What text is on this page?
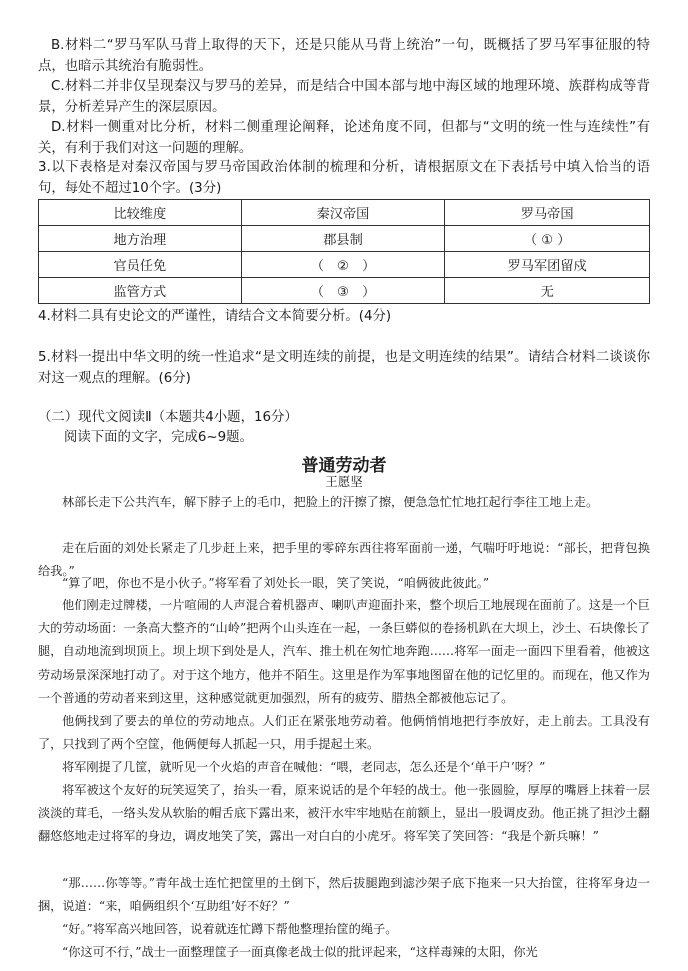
B.材料二“罗马军队马背上取得的天下，还是只能从马背上统治”一句，既概括了罗马军事征服的特点，也暗示其统治有脆弱性。

C.材料二并非仅呈现秦汉与罗马的差异，而是结合中国本部与地中海区域的地理环境、族群构成等背景，分析差异产生的深层原因。

D.材料一侧重对比分析，材料二侧重理论阐释，论述角度不同，但都与“文明的统一性与连续性”有关，有利于我们对这一问题的理解。

3.以下表格是对秦汉帝国与罗马帝国政治体制的梳理和分析，请根据原文在下表括号中填入恰当的语句，每处不超过10个字。(3分)

比较维度	秦汉帝国	罗马帝国
地方治理	郡县制	（ ① ）
官员任免	（　②　）	罗马军团留戍
监管方式	（　③　）	无

4.材料二具有史论文的严谨性，请结合文本简要分析。(4分)

5.材料一提出中华文明的统一性追求“是文明连续的前提，也是文明连续的结果”。请结合材料二谈谈你对这一观点的理解。(6分)

（二）现代文阅读Ⅱ（本题共4小题，16分）

阅读下面的文字，完成6~9题。

普通劳动者
王愿坚

林部长走下公共汽车，解下脖子上的毛巾，把脸上的汗擦了擦，便急急忙忙地扛起行李往工地上走。

走在后面的刘处长紧走了几步赶上来，把手里的零碎东西往将军面前一递，气喘吁吁地说：“部长，把背包换给我。”

“算了吧，你也不是小伙子。”将军看了刘处长一眼，笑了笑说，“咱俩彼此彼此。”

他们刚走过牌楼，一片喧闹的人声混合着机器声、喇叭声迎面扑来，整个坝后工地展现在面前了。这是一个巨大的劳动场面：一条高大整齐的“山岭”把两个山头连在一起，一条巨蟒似的卷扬机趴在大坝上，沙土、石块像长了腿，自动地流到坝顶上。坝上坝下到处是人，汽车、推土机在匆忙地奔跑……将军一面走一面四下里看着，他被这劳动场景深深地打动了。对于这个地方，他并不陌生。这里是作为军事地图留在他的记忆里的。而现在，他又作为一个普通的劳动者来到这里，这种感觉就更加强烈，所有的疲劳、腊热全都被他忘记了。

他俩找到了要去的单位的劳动地点。人们正在紧张地劳动着。他俩悄悄地把行李放好，走上前去。工具没有了，只找到了两个空筐，他俩便每人抓起一只，用手提起土来。

将军刚提了几筐，就听见一个火焰的声音在喊他：“喂，老同志，怎么还是个‘单干户’呀？”

将军被这个友好的玩笑逗笑了，抬头一看，原来说话的是个年轻的战士。他一张圆脸，厚厚的嘴唇上抹着一层淡淡的茸毛，一络头发从软胎的帽舌底下露出来，被汗水牢牢地贴在前额上，显出一股调皮劲。他正挑了担沙土翻翻悠悠地走过将军的身边，调皮地笑了笑，露出一对白白的小虎牙。将军笑了笑回答：“我是个新兵嘛！”

“那……你等等。”青年战士连忙把筐里的土倒下，然后拔腿跑到滤沙架子底下拖来一只大抬筐，往将军身边一捆，说道：“来，咱俩组织个‘互助组’好不好？”

“好。”将军高兴地回答，说着就连忙蹲下帮他整理抬筐的绳子。

“你这可不行，”战士一面整理筐子一面真像老战士似的批评起来，“这样毒辣的太阳，你光
